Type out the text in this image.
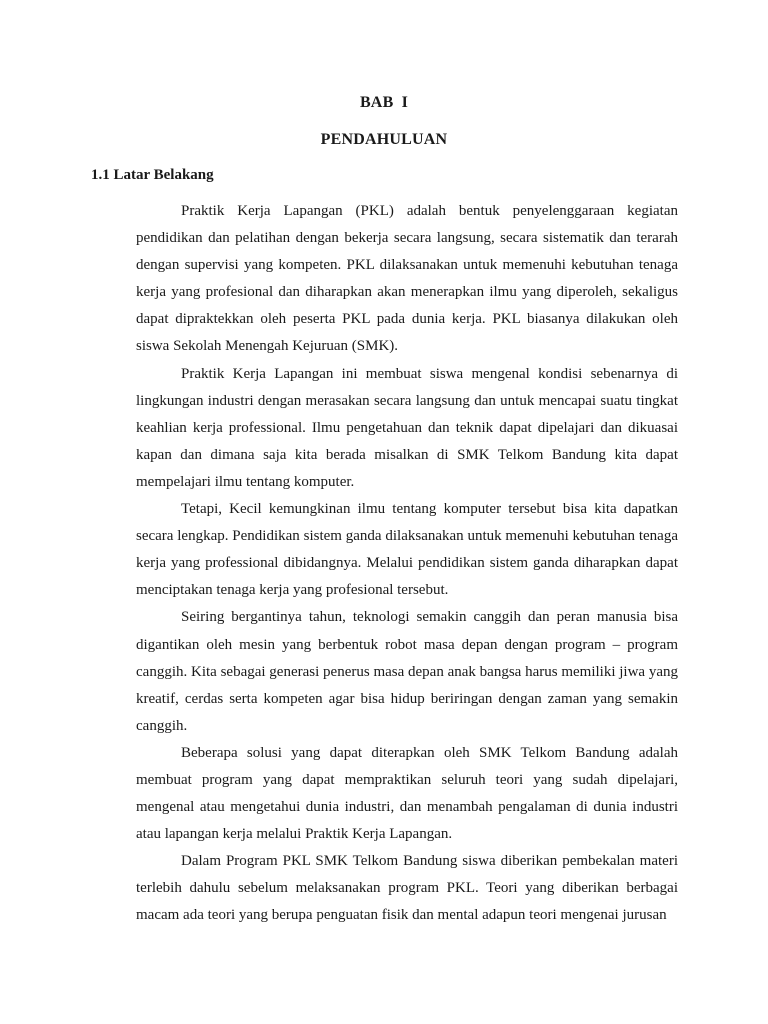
BAB I
PENDAHULUAN
1.1 Latar Belakang

Praktik Kerja Lapangan (PKL) adalah bentuk penyelenggaraan kegiatan pendidikan dan pelatihan dengan bekerja secara langsung, secara sistematik dan terarah dengan supervisi yang kompeten. PKL dilaksanakan untuk memenuhi kebutuhan tenaga kerja yang profesional dan diharapkan akan menerapkan ilmu yang diperoleh, sekaligus dapat dipraktekkan oleh peserta PKL pada dunia kerja. PKL biasanya dilakukan oleh siswa Sekolah Menengah Kejuruan (SMK).

Praktik Kerja Lapangan ini membuat siswa mengenal kondisi sebenarnya di lingkungan industri dengan merasakan secara langsung dan untuk mencapai suatu tingkat keahlian kerja professional. Ilmu pengetahuan dan teknik dapat dipelajari dan dikuasai kapan dan dimana saja kita berada misalkan di SMK Telkom Bandung kita dapat mempelajari ilmu tentang komputer.

Tetapi, Kecil kemungkinan ilmu tentang komputer tersebut bisa kita dapatkan secara lengkap. Pendidikan sistem ganda dilaksanakan untuk memenuhi kebutuhan tenaga kerja yang professional dibidangnya. Melalui pendidikan sistem ganda diharapkan dapat menciptakan tenaga kerja yang profesional tersebut.

Seiring bergantinya tahun, teknologi semakin canggih dan peran manusia bisa digantikan oleh mesin yang berbentuk robot masa depan dengan program – program canggih. Kita sebagai generasi penerus masa depan anak bangsa harus memiliki jiwa yang kreatif, cerdas serta kompeten agar bisa hidup beriringan dengan zaman yang semakin canggih.

Beberapa solusi yang dapat diterapkan oleh SMK Telkom Bandung adalah membuat program yang dapat mempraktikan seluruh teori yang sudah dipelajari, mengenal atau mengetahui dunia industri, dan menambah pengalaman di dunia industri atau lapangan kerja melalui Praktik Kerja Lapangan.

Dalam Program PKL SMK Telkom Bandung siswa diberikan pembekalan materi terlebih dahulu sebelum melaksanakan program PKL. Teori yang diberikan berbagai macam ada teori yang berupa penguatan fisik dan mental adapun teori mengenai jurusan
